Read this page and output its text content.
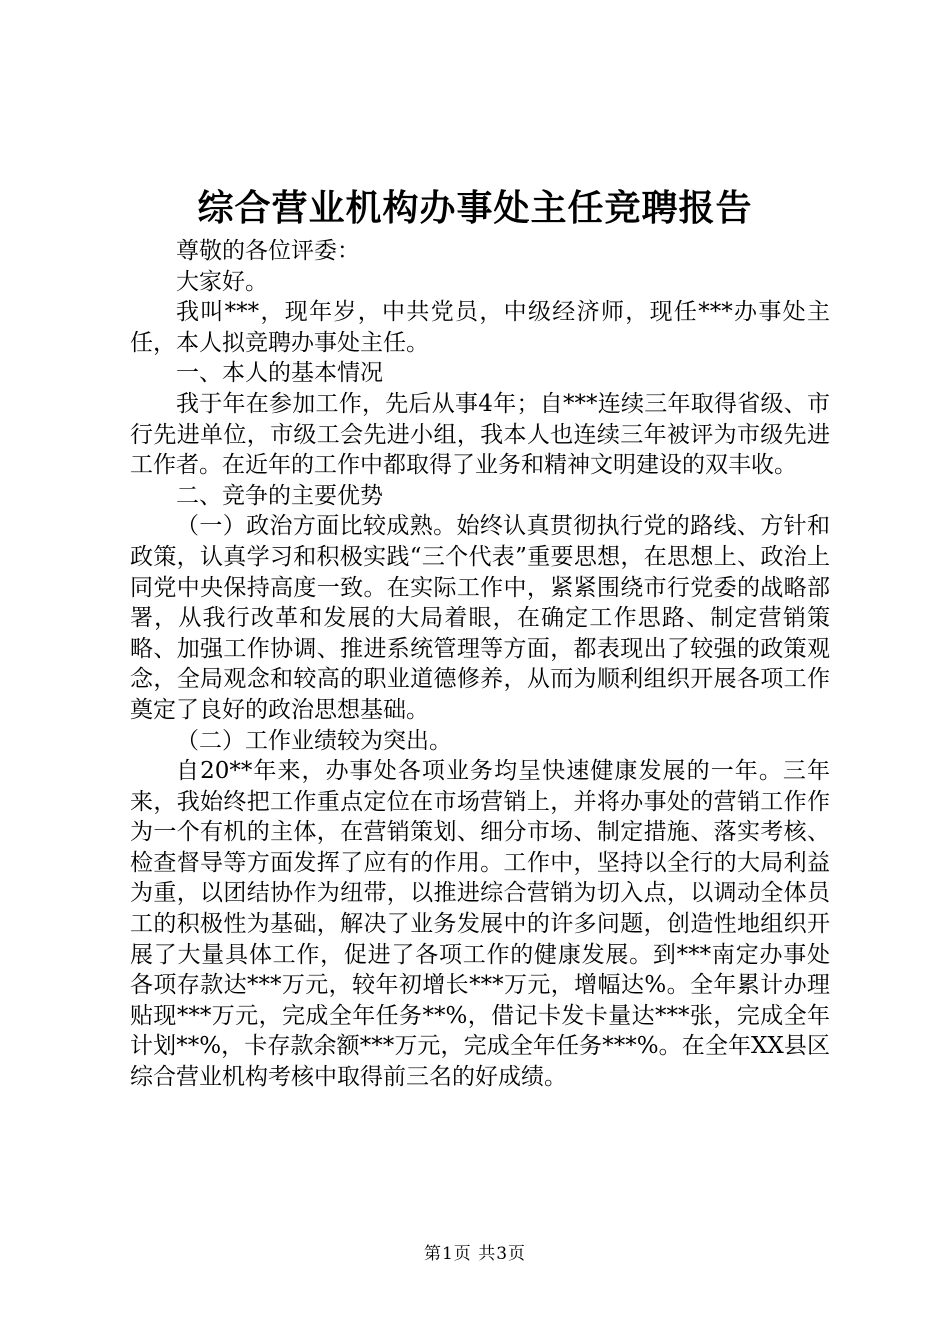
综合营业机构办事处主任竞聘报告

尊敬的各位评委：

大家好。

我叫***，现年岁，中共党员，中级经济师，现任***办事处主任，本人拟竞聘办事处主任。

一、本人的基本情况

我于年在参加工作，先后从事4年；自***连续三年取得省级、市行先进单位，市级工会先进小组，我本人也连续三年被评为市级先进工作者。在近年的工作中都取得了业务和精神文明建设的双丰收。

二、竞争的主要优势

（一）政治方面比较成熟。始终认真贯彻执行党的路线、方针和政策，认真学习和积极实践“三个代表”重要思想，在思想上、政治上同党中央保持高度一致。在实际工作中，紧紧围绕市行党委的战略部署，从我行改革和发展的大局着眼，在确定工作思路、制定营销策略、加强工作协调、推进系统管理等方面，都表现出了较强的政策观念，全局观念和较高的职业道德修养，从而为顺利组织开展各项工作奠定了良好的政治思想基础。

（二）工作业绩较为突出。

自20**年来，办事处各项业务均呈快速健康发展的一年。三年来，我始终把工作重点定位在市场营销上，并将办事处的营销工作作为一个有机的主体，在营销策划、细分市场、制定措施、落实考核、检查督导等方面发挥了应有的作用。工作中，坚持以全行的大局利益为重，以团结协作为纽带，以推进综合营销为切入点，以调动全体员工的积极性为基础，解决了业务发展中的许多问题，创造性地组织开展了大量具体工作，促进了各项工作的健康发展。到***南定办事处各项存款达***万元，较年初增长***万元，增幅达%。全年累计办理贴现***万元，完成全年任务**%，借记卡发卡量达***张，完成全年计划**%，卡存款余额***万元，完成全年任务***%。在全年XX县区综合营业机构考核中取得前三名的好成绩。

第1页 共3页
